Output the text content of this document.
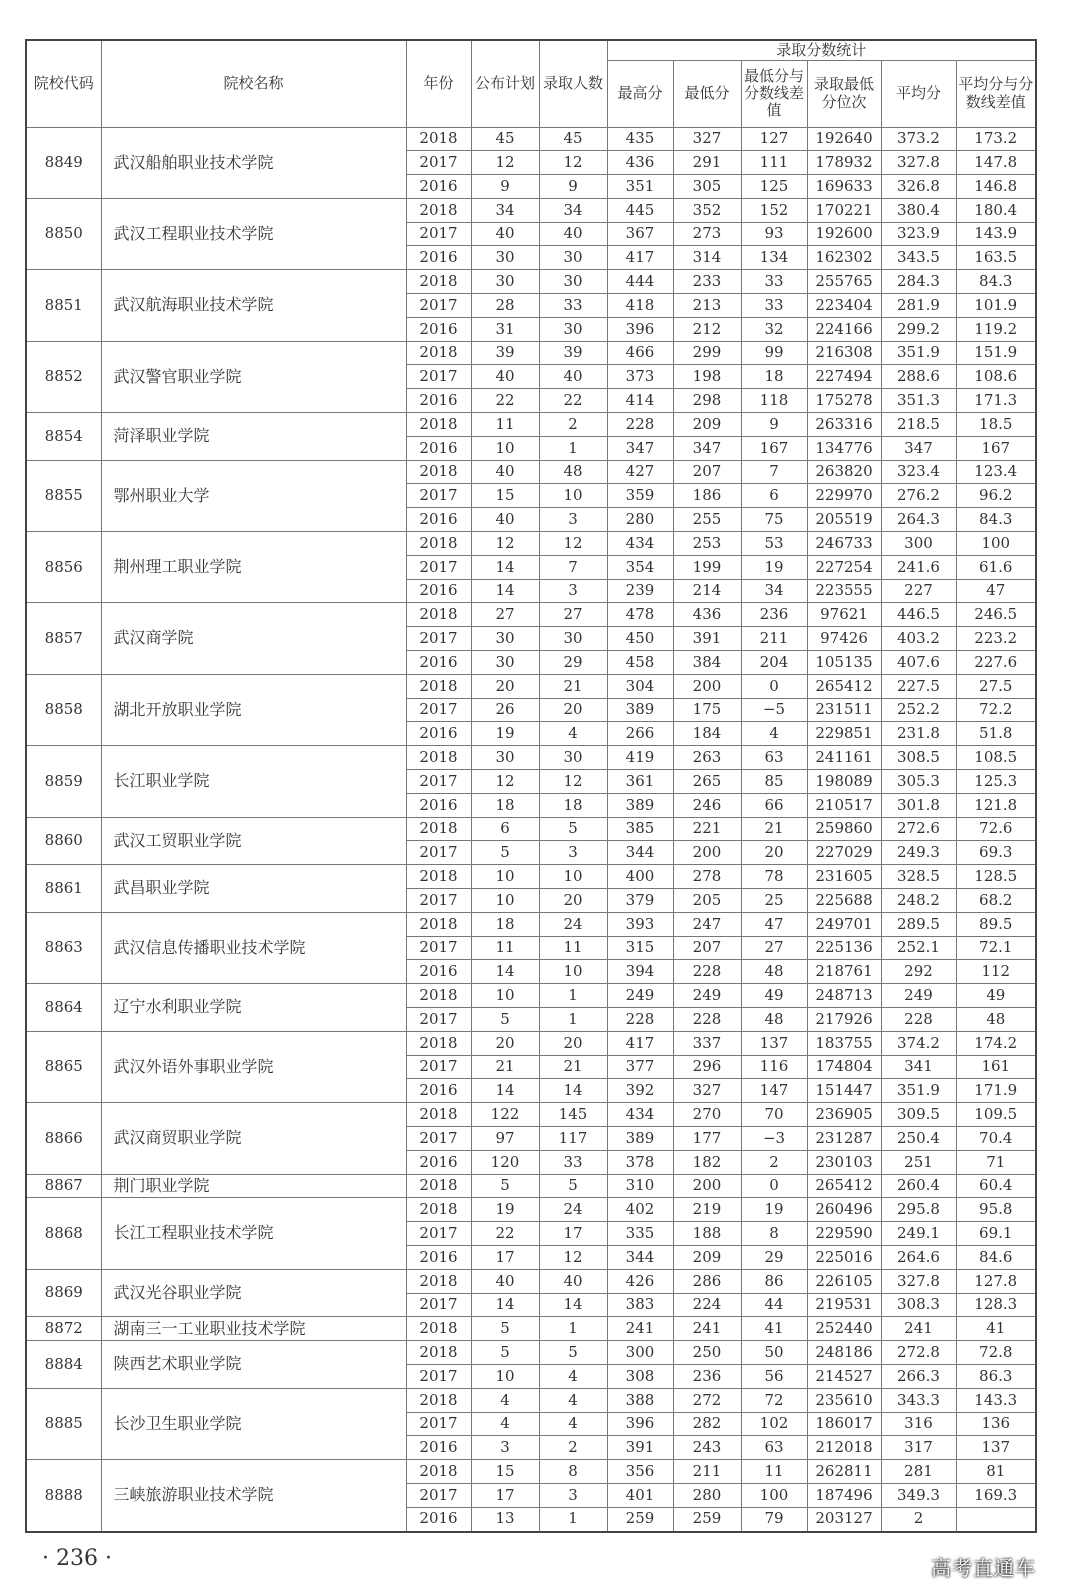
院校代码	院校名称	年份	公布计划	录取人数	录取分数统计					
					最高分	最低分	最低分与分数线差值	录取最低分位次	平均分	平均分与分数线差值
8849	武汉船舶职业技术学院	2018	45	45	435	327	127	192640	373.2	173.2
		2017	12	12	436	291	111	178932	327.8	147.8
		2016	9	9	351	305	125	169633	326.8	146.8
8850	武汉工程职业技术学院	2018	34	34	445	352	152	170221	380.4	180.4
		2017	40	40	367	273	93	192600	323.9	143.9
		2016	30	30	417	314	134	162302	343.5	163.5
8851	武汉航海职业技术学院	2018	30	30	444	233	33	255765	284.3	84.3
		2017	28	33	418	213	33	223404	281.9	101.9
		2016	31	30	396	212	32	224166	299.2	119.2
8852	武汉警官职业学院	2018	39	39	466	299	99	216308	351.9	151.9
		2017	40	40	373	198	18	227494	288.6	108.6
		2016	22	22	414	298	118	175278	351.3	171.3
8854	菏泽职业学院	2018	11	2	228	209	9	263316	218.5	18.5
		2016	10	1	347	347	167	134776	347	167
8855	鄂州职业大学	2018	40	48	427	207	7	263820	323.4	123.4
		2017	15	10	359	186	6	229970	276.2	96.2
		2016	40	3	280	255	75	205519	264.3	84.3
8856	荆州理工职业学院	2018	12	12	434	253	53	246733	300	100
		2017	14	7	354	199	19	227254	241.6	61.6
		2016	14	3	239	214	34	223555	227	47
8857	武汉商学院	2018	27	27	478	436	236	97621	446.5	246.5
		2017	30	30	450	391	211	97426	403.2	223.2
		2016	30	29	458	384	204	105135	407.6	227.6
8858	湖北开放职业学院	2018	20	21	304	200	0	265412	227.5	27.5
		2017	26	20	389	175	−5	231511	252.2	72.2
		2016	19	4	266	184	4	229851	231.8	51.8
8859	长江职业学院	2018	30	30	419	263	63	241161	308.5	108.5
		2017	12	12	361	265	85	198089	305.3	125.3
		2016	18	18	389	246	66	210517	301.8	121.8
8860	武汉工贸职业学院	2018	6	5	385	221	21	259860	272.6	72.6
		2017	5	3	344	200	20	227029	249.3	69.3
8861	武昌职业学院	2018	10	10	400	278	78	231605	328.5	128.5
		2017	10	20	379	205	25	225688	248.2	68.2
8863	武汉信息传播职业技术学院	2018	18	24	393	247	47	249701	289.5	89.5
		2017	11	11	315	207	27	225136	252.1	72.1
		2016	14	10	394	228	48	218761	292	112
8864	辽宁水利职业学院	2018	10	1	249	249	49	248713	249	49
		2017	5	1	228	228	48	217926	228	48
8865	武汉外语外事职业学院	2018	20	20	417	337	137	183755	374.2	174.2
		2017	21	21	377	296	116	174804	341	161
		2016	14	14	392	327	147	151447	351.9	171.9
8866	武汉商贸职业学院	2018	122	145	434	270	70	236905	309.5	109.5
		2017	97	117	389	177	−3	231287	250.4	70.4
		2016	120	33	378	182	2	230103	251	71
8867	荆门职业学院	2018	5	5	310	200	0	265412	260.4	60.4
8868	长江工程职业技术学院	2018	19	24	402	219	19	260496	295.8	95.8
		2017	22	17	335	188	8	229590	249.1	69.1
		2016	17	12	344	209	29	225016	264.6	84.6
8869	武汉光谷职业学院	2018	40	40	426	286	86	226105	327.8	127.8
		2017	14	14	383	224	44	219531	308.3	128.3
8872	湖南三一工业职业技术学院	2018	5	1	241	241	41	252440	241	41
8884	陕西艺术职业学院	2018	5	5	300	250	50	248186	272.8	72.8
		2017	10	4	308	236	56	214527	266.3	86.3
8885	长沙卫生职业学院	2018	4	4	388	272	72	235610	343.3	143.3
		2017	4	4	396	282	102	186017	316	136
		2016	3	2	391	243	63	212018	317	137
8888	三峡旅游职业技术学院	2018	15	8	356	211	11	262811	281	81
		2017	17	3	401	280	100	187496	349.3	169.3
		2016	13	1	259	259	79	203127	2	
· 236 ·	高考直通车
